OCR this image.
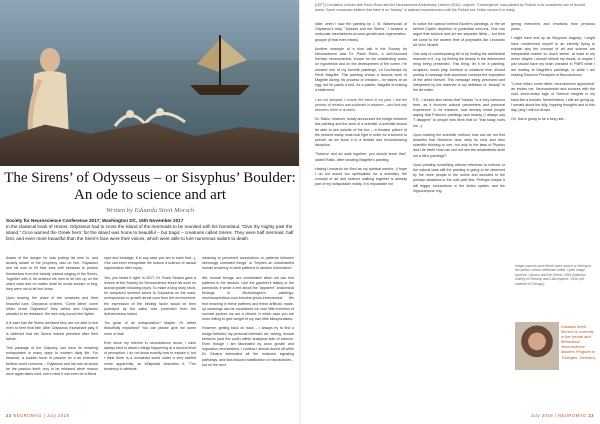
The Sirens’ of Odysseus – or Sisyphus’ Boulder:
An ode to science and art
Written by Eduarda Streit Morsch
Society for Neuroscience Conference 2017; Washington DC, 15th November 2017
In the classical book of Homer, Odysseus had to cross the island of the mermaids to be reunited with his homeland. “Dive thy mighty past the island,” Circe warned the Greek hero: for the island was home to beautiful – but tragic – creatures called Sirens. They were half mermaid, half bird, and even more beautiful than the Siren’s face were their voices, which were able to lure numerous sailors to death.

Aware of the danger he was putting his men in, and acutely aware of the prophecy cast on him, Odysseus told his men to fill their ears with beeswax to protect themselves from the beauty, wicked singing of the Sirens. Together with it, he ordered his men to tie him up on the ship’s mast and no matter what he would scream or beg, they were not to let him loose.

Upon hearing the chant of the creatures and their beautiful tune, Odysseus ordered, “Come hither, come hither, brave Odysseus!” they called; and Odysseus pleaded to be released. His men only bound him tighter.

It is said that the Sirens declared they are not able to live even to their final fate. After Odysseus’ triumphant play, it is believed that the Sirens indeed perished after their failure.

This passage of the Odyssey can have its meaning extrapolated in many ways to modern daily life. For instance, a sudden burst of passion for a an extensive believe could consume – Odysseus and his men at would be the passion itself; only to be released when reason once again takes hold, one’s mind it can even be a literal

rope and bondage, if in any case you are in each that...). One can even extrapolate the reason a science of causal regeneration after injury.

Yes, you heard it right! In 2017, Dr. Frank Sinatra gave a lecture at the Society for Neuroscience about his work on axonal growth following injury. To make a long story short, he compared severed axons to Odysseus on the mast, unresponsive to growth arrest cues from the environment; the expression of the binding factor would be then portrayed by the sailor wax protection from the Anthemoessa Island.

Too great of an extrapolation? Maybe. Or rather beautifully explained? You can please give me some more of that!

Ever since my interest in neuroscience arose, I have always tried to discern things happening at a second level of perception. I do not know exactly how to explain it, but I think there is a wonderful world under a very rarified mean apparently, as Wikipedia describes it, "The tendency to attribute

meaning to perceived connections or patterns between seemingly unrelated things" or "Implies an unwarranted human tendency to seek patterns in random information".

We, human beings, are comfortable when we can find patterns in the random. Like the gambler's fallacy or the pareidolia; it wrote a text about the "apparent" anatomical findings in Michelangelo's paintings: neuroscapholicus.com.br/sobre-jesus-emboreaios/. We find meaning in these patterns and these artificial, made-up meanings can be considered our own little invention of survival system: we are a vibrant, in which case you are more willing to give weight of my own little idiosyncrasies.

However, getting back on track – I always try to find a bridge between my personal interests: art, writing, human behavior (and the code) within analytical side of science. Even though I am fascinated by axon growth and regulation mechanisms, I confess I almost dozed off while Dr. Sinatra delineated all the molecule signaling pathways, and fast-induced stabilization of microtubules... but on the next

22 NEUROMAG | July 2018
[LEFT] Circulation Lecture with Paolo Rossi and the Neuroscience Anniversary Lecture (2016). Legend: "Convergence" was painted by Pollock in its considered one of its best works. Some consensus believe that there is no "beauty" in abstract expressionism until the Pollock era. Dollar version it in many.

slide, when I saw the painting by J. W. Waterhouse of Odysseus’s ship, "Ulysses and the Sirens", I became a molecular-mechanisms-of-axon-growth-and-regeneration groupie (if that even exists).

Another example of a nice talk in the Society for Neuroscience was Dr. Paolo Rokic, a well-honored Serbian neuroscientist, known for his outstanding works on hypothesis and on the development of the cortex. He showed one of my favorite paintings, La Duchamps by René Magritte. This painting shows a famous work of Magritte during his process of creation – he stares at an egg, but he paints a bird. As a painter, Magritte is making a statement:

I am not dumped; I convey the future in my past. I see the process of creation and sublimate in advance – and that only becomes richer in an artist.

Dr. Rakic, however, boldly announced the bridge between this painting and the work of a scientist. A scientist should be able to see outside of the box – a broader picture of the present reality must look right in order for a science to prevail, as we know it in a flexible and revolutionizing discipline.

"Science and art walk together, you should know that", added Rakic, after showing Magritte's painting.

Having Leonardo da Vinci as my spiritual mentor, (I hope I do not sound too spiritualistic for a scientist), the concept of art and science walking together is already part of my indisputable reality. It is impossible not

to notice the science behind Escher's paintings, or the art behind Cajal's depiction of pyramidal neurons. One can argue that science and art are separate fields – but then we come to the ancient time of polymaths like Leonardo da Vinci himself.

One way of contemplating Art is by finding the aesthetical essence to it, e.g. by finding the beauty in the determined thing being presented. This thing, let it be a painting, sculpture, music play, furniture or whatever else, should portray a message that somehow conveys the inspiration of the artist himself. This message being perceived and interpreted by the observer is my definition of "beauty" in the art realm.

P.S.: I should also stress that "beauty" is a very nebulous term, as it involves cultural parameters and personal experience. If, for instance, how already heard people saying that Pollock's paintings lack beauty (I always say "I disagree" to people who think that lol "that today hurts me...)

Upon reading the scientific method, how can we not find beautiful that Newton's laws obey its tons and then scientific thinking to one, but only to the laws of Physics and Life itself! How can one not see the art/aesthetic shell out a life's paintings?

Upon painting something without reference to science or the natural laws still the painting is going to be observed by the more people in the online and decoded to the primary situations in the cold path line. Perhaps maybe it will trigger connections in the limbic system and the hippocampus, trig-

gering memories and emotions from previous years...

I might have end up as Sisyphus' tragedy; I might have condemned myself to an eternity trying to explain why the concept of art and science are inseparable makes so much sense, at least in my world. Maybe I should rethink my thesis, or maybe I just should have my brain checked in PMRI while I am looking at Magritte's paintings, or while I am reading Ramon's Principles of Neuroscience.

"Come hither, come hither, neuroscience apprentice" art invites me. Neuroscientist and sources with the cold, stone-sharp logic of Science weights in my back like a boulder. Nevertheless, I still am going up. I remark aloud the silly, hopping thoughts and to this day, ping I will not drown.

Oh, this is going to be a long ride...

July 2018 | NEUROMAG 23
Image sources were found open source or belong to the author, unless otherwise noted. Open image sources: Ulysses and the Sirens, 1891 (National Gallery of Victoria) and Clairvoyance, 1936 (Art Institute of Chicago).
Eduarda Streit Morsch is currently in the Neural and Behavioral Neuroscience Masters Program in Tübingen, Germany.
